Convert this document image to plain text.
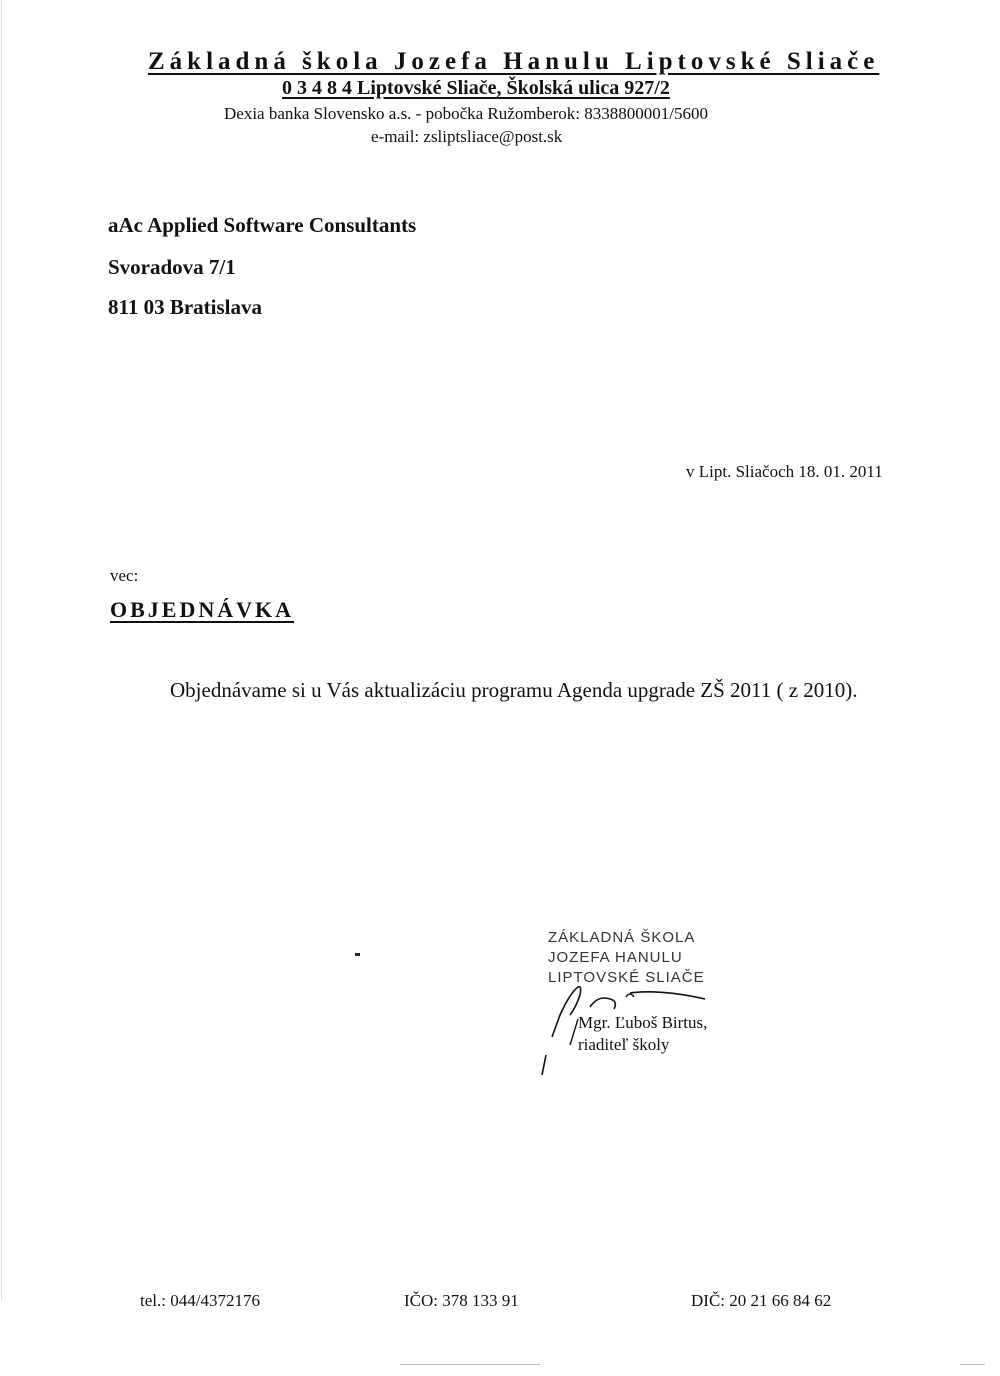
Základná škola Jozefa Hanulu Liptovské Sliače
0 3 4 8 4 Liptovské Sliače, Školská ulica 927/2
Dexia banka Slovensko a.s. - pobočka Ružomberok: 8338800001/5600
e-mail: zsliptsliace@post.sk
aAc Applied Software Consultants
Svoradova 7/1
811 03 Bratislava
v Lipt. Sliačoch 18. 01. 2011
vec:
OBJEDNÁVKA
Objednávame si u Vás aktualizáciu programu Agenda upgrade ZŠ 2011 ( z 2010).
ZÁKLADNÁ ŠKOLA
JOZEFA HANULU
LIPTOVSKÉ SLIAČE
Mgr. Ľuboš Birtus,
riaditeľ školy
tel.: 044/4372176	IČO: 378 133 91	DIČ: 20 21 66 84 62
